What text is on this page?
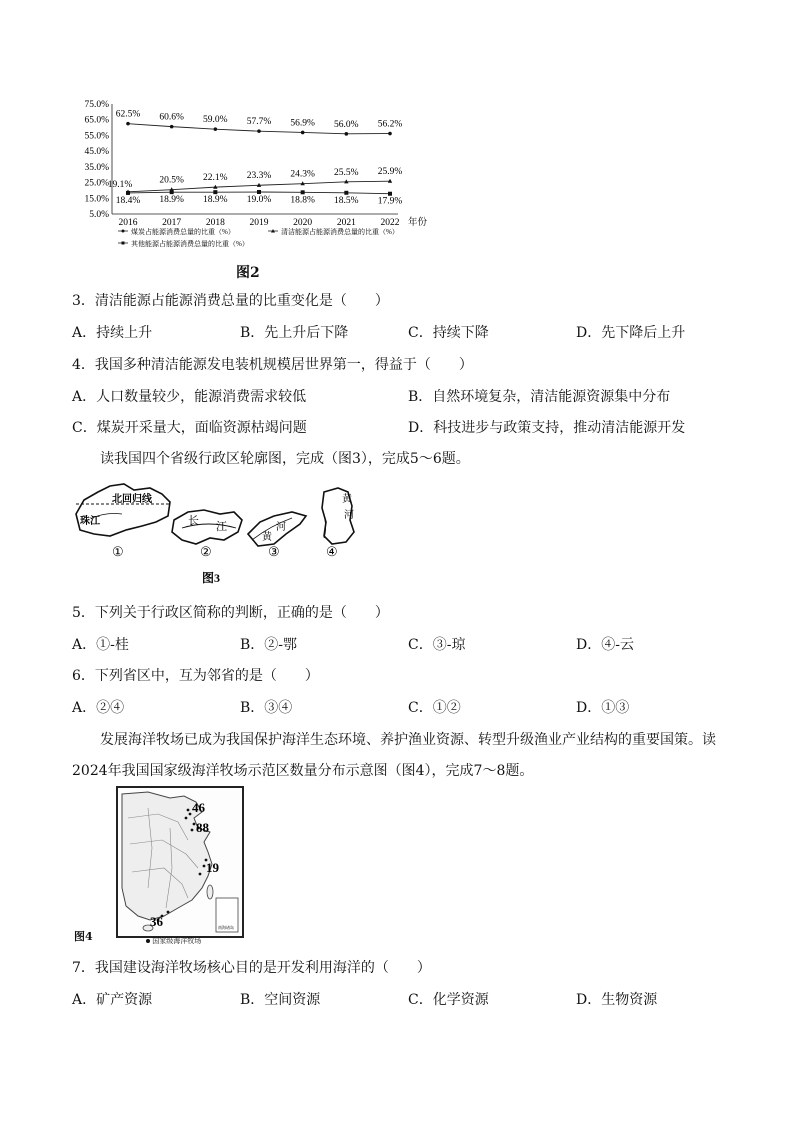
75.0%
65.0%
55.0%
45.0%
35.0%
25.0%
15.0%
5.0%
2016	2017	2018	2019	2020	2021	2022 年份
62.5% 60.6% 59.0% 57.7% 56.9% 56.0% 56.2%
19.1%	20.5% 22.1% 23.3% 24.3% 25.5% 25.9%
18.4% 18.9% 18.9% 19.0% 18.8% 18.5% 17.9%
煤炭占能源消费总量的比重（%）	清洁能源占能源消费总量的比重（%）
其他能源占能源消费总量的比重（%）
图2
3．清洁能源占能源消费总量的比重变化是（　　）
A．持续上升	B．先上升后下降	C．持续下降	D．先下降后上升
4．我国多种清洁能源发电装机规模居世界第一，得益于（　　）
A．人口数量较少，能源消费需求较低	B．自然环境复杂，清洁能源资源集中分布
C．煤炭开采量大，面临资源枯竭问题	D．科技进步与政策支持，推动清洁能源开发
读我国四个省级行政区轮廓图，完成（图3），完成5～6题。
北回归线
珠江
①
长 江
②
河
黄
③
黄
河
④
图3
5．下列关于行政区简称的判断，正确的是（　　）
A．①-桂	B．②-鄂	C．③-琼	D．④-云
6．下列省区中，互为邻省的是（　　）
A．②④	B．③④	C．①②	D．①③
发展海洋牧场已成为我国保护海洋生态环境、养护渔业资源、转型升级渔业产业结构的重要国策。读
2024年我国国家级海洋牧场示范区数量分布示意图（图4），完成7～8题。
图4
南海诸岛
46
88
19
36
国家级海洋牧场
7．我国建设海洋牧场核心目的是开发利用海洋的（　　）
A．矿产资源	B．空间资源	C．化学资源	D．生物资源
